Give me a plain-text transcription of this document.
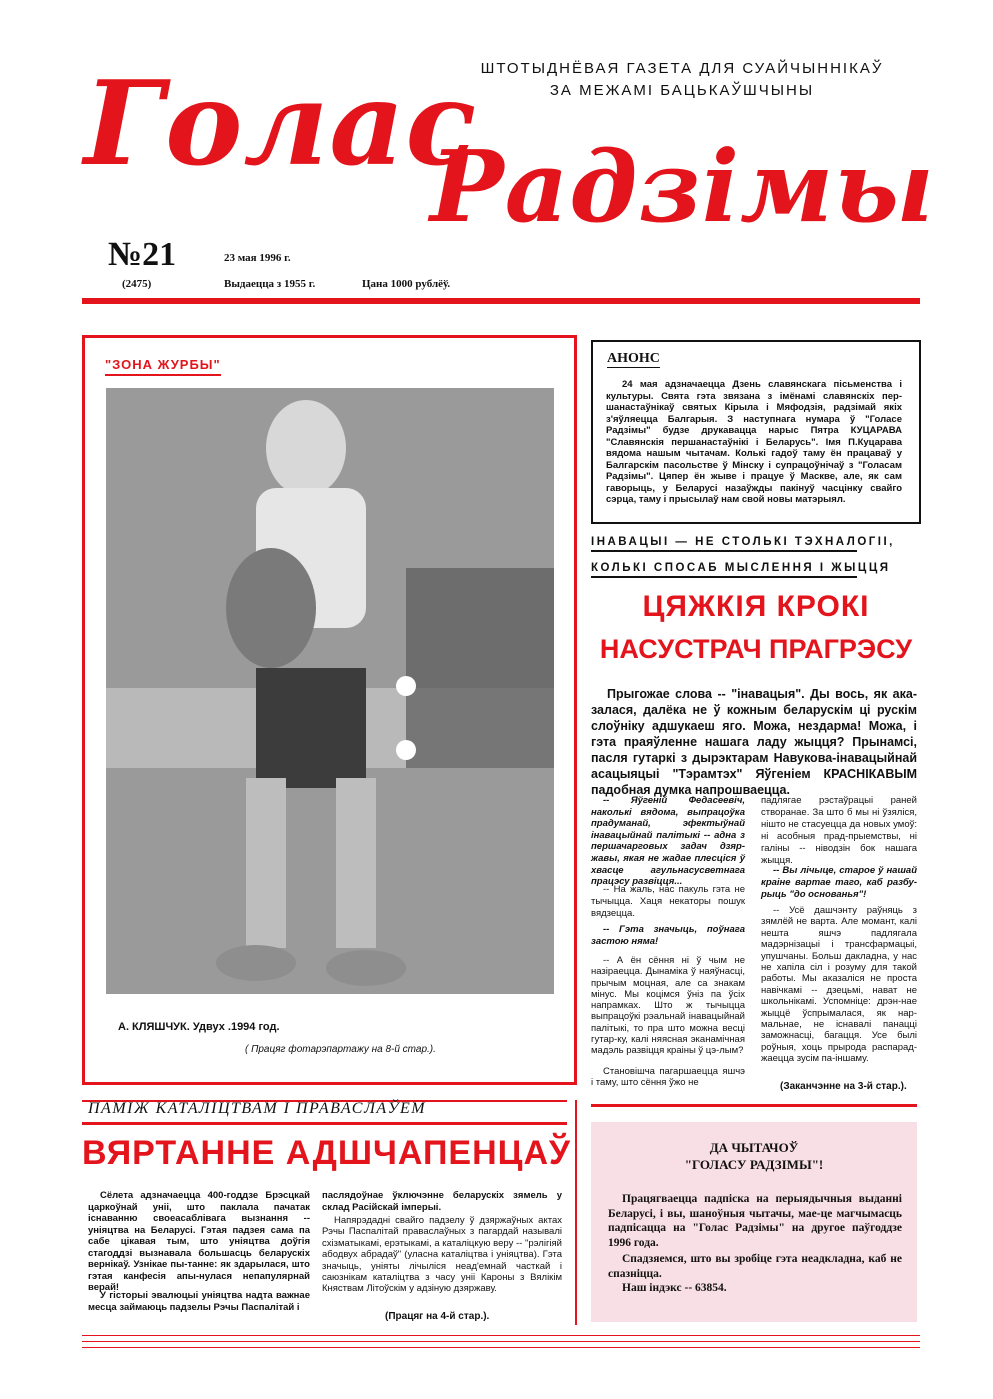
Голас
Радзімы
ШТОТЫДНЁВАЯ ГАЗЕТА ДЛЯ СУАЙЧЫННІКАЎ
ЗА МЕЖАМІ БАЦЬКАЎШЧЫНЫ
№21
(2475)
23 мая 1996 г.
Выдаецца з 1955 г.	Цана 1000 рублёў.
"ЗОНА ЖУРБЫ"
А. КЛЯШЧУК. Удвух .1994 год.
( Працяг фотарэпартажу на 8-й стар.).
АНОНС
24 мая адзначаецца Дзень славянскага пісьменства і культуры. Свята гэта звязана з імёнамі славянскіх пер-шанастаўнікаў святых Кірыла і Мяфодзія, радзімай якіх з'яўляецца Балгарыя. З наступнага нумара ў "Голасе Радзімы" будзе друкавацца нарыс Пятра КУЦАРАВА "Славянскія першанастаўнікі і Беларусь". Імя П.Куцарава вядома нашым чытачам. Колькі гадоў таму ён працаваў у Балгарскім пасольстве ў Мінску і супрацоўнічаў з "Голасам Радзімы". Цяпер ён жыве і працуе ў Маскве, але, як сам гаворыць, у Беларусі назаўжды пакінуў часцінку свайго сэрца, таму і прысылаў нам свой новы матэрыял.
ІНАВАЦЫІ — НЕ СТОЛЬКІ ТЭХНАЛОГІІ,
КОЛЬКІ СПОСАБ МЫСЛЕННЯ І ЖЫЦЦЯ
ЦЯЖКІЯ КРОКІ
НАСУСТРАЧ ПРАГРЭСУ
Прыгожае слова -- "інавацыя". Ды вось, як ака-залася, далёка не ў кожным беларускім ці рускім слоўніку адшукаеш яго. Можа, нездарма! Можа, і гэта праяўленне нашага ладу жыцця? Прынамсі, пасля гутаркі з дырэктарам Навукова-інавацыйнай асацыяцыі "Тэрамтэх" Яўгеніем КРАСНІКАВЫМ падобная думка напрошваецца.
-- Яўгеній Федасеевіч, наколькі вядома, выпрацоўка прадуманай, эфектыўнай інавацыйнай палітыкі -- адна з першачарговых задач дзяр-жавы, якая не жадае плесціся ў хвасце агульнасусветнага працэсу развіцця...
-- На жаль, нас пакуль гэта не тычыцца. Хаця некаторы пошук вядзецца.
-- Гэта значыць, поўнага застою няма!
-- А ён сёння ні ў чым не назіраецца. Дынаміка ў наяўнасці, прычым моцная, але са знакам мінус. Мы коцімся ўніз па ўсіх напрамках. Што ж тычыцца выпрацоўкі рэальнай інавацыйнай палітыкі, то пра што можна весці гутар-ку, калі няясная эканамічная мадэль развіцця краіны ў цэ-лым?
Становішча пагаршаецца яшчэ і таму, што сёння ўжо не
падлягае рэстаўрацыі раней створанае. За што б мы ні ўзяліся, нішто не стасуецца да новых умоў: ні асобныя прад-прыемствы, ні галіны -- ніводзін бок нашага жыцця.
-- Вы лічыце, старое ў нашай краіне вартае таго, каб разбу-рыць "до основанья"!
-- Усё дашчэнту раўняць з зямлёй не варта. Але момант, калі нешта яшчэ падлягала мадэрнізацыі і трансфармацыі, упушчаны. Больш дакладна, у нас не хапіла сіл і розуму для такой работы. Мы аказаліся не проста навічкамі -- дзецьмі, нават не школьнікамі. Успомніце: дрэн-нае жыццё ўспрымалася, як нар-мальнае, не існавалі панацці заможнасці, багацця. Усе былі роўныя, хоць прырода распарад-жаецца зусім па-іншаму.
(Заканчэнне на 3-й стар.).
ПАМІЖ КАТАЛІЦТВАМ І ПРАВАСЛАЎЕМ
ВЯРТАННЕ АДШЧАПЕНЦАЎ
Сёлета адзначаецца 400-годдзе Брэсцкай царкоўнай уніі, што паклала пачатак існаванню своеасаблівага вызнання -- уніяцтва на Беларусі. Гэтая падзея сама па сабе цікавая тым, што уніяцтва доўгія стагоддзі вызнавала большасць беларускіх вернікаў. Узнікае пы-танне: як здарылася, што гэтая канфесія апы-нулася непапулярнай верай!
У гісторыі эвалюцыі уніяцтва надта важнае месца займаюць падзелы Рэчы Паспалітай і
паслядоўнае ўключэнне беларускіх зямель у склад Расійскай імперыі.
Напярэдадні свайго падзелу ў дзяржаўных актах Рэчы Паспалітай праваслаўных з пагардай называлі схізматыкамі, ерэтыкамі, а каталіцкую веру -- "рэлігіяй абодвух абрадаў" (уласна каталіцтва і уніяцтва). Гэта значыць, уніяты лічыліся неад'емнай часткай і саюзнікам каталіцтва з часу уніі Кароны з Вялікім Княствам Літоўскім у адзіную дзяржаву.
(Працяг на 4-й стар.).
ДА ЧЫТАЧОЎ
"ГОЛАСУ РАДЗІМЫ"!
Працягваецца падпіска на перыядычныя выданні Беларусі, і вы, шаноўныя чытачы, мае-це магчымасць падпісацца на "Голас Радзімы" на другое паўгоддзе 1996 года.
Спадзяемся, што вы зробіце гэта неадкладна, каб не спазніцца.
Наш індэкс -- 63854.
